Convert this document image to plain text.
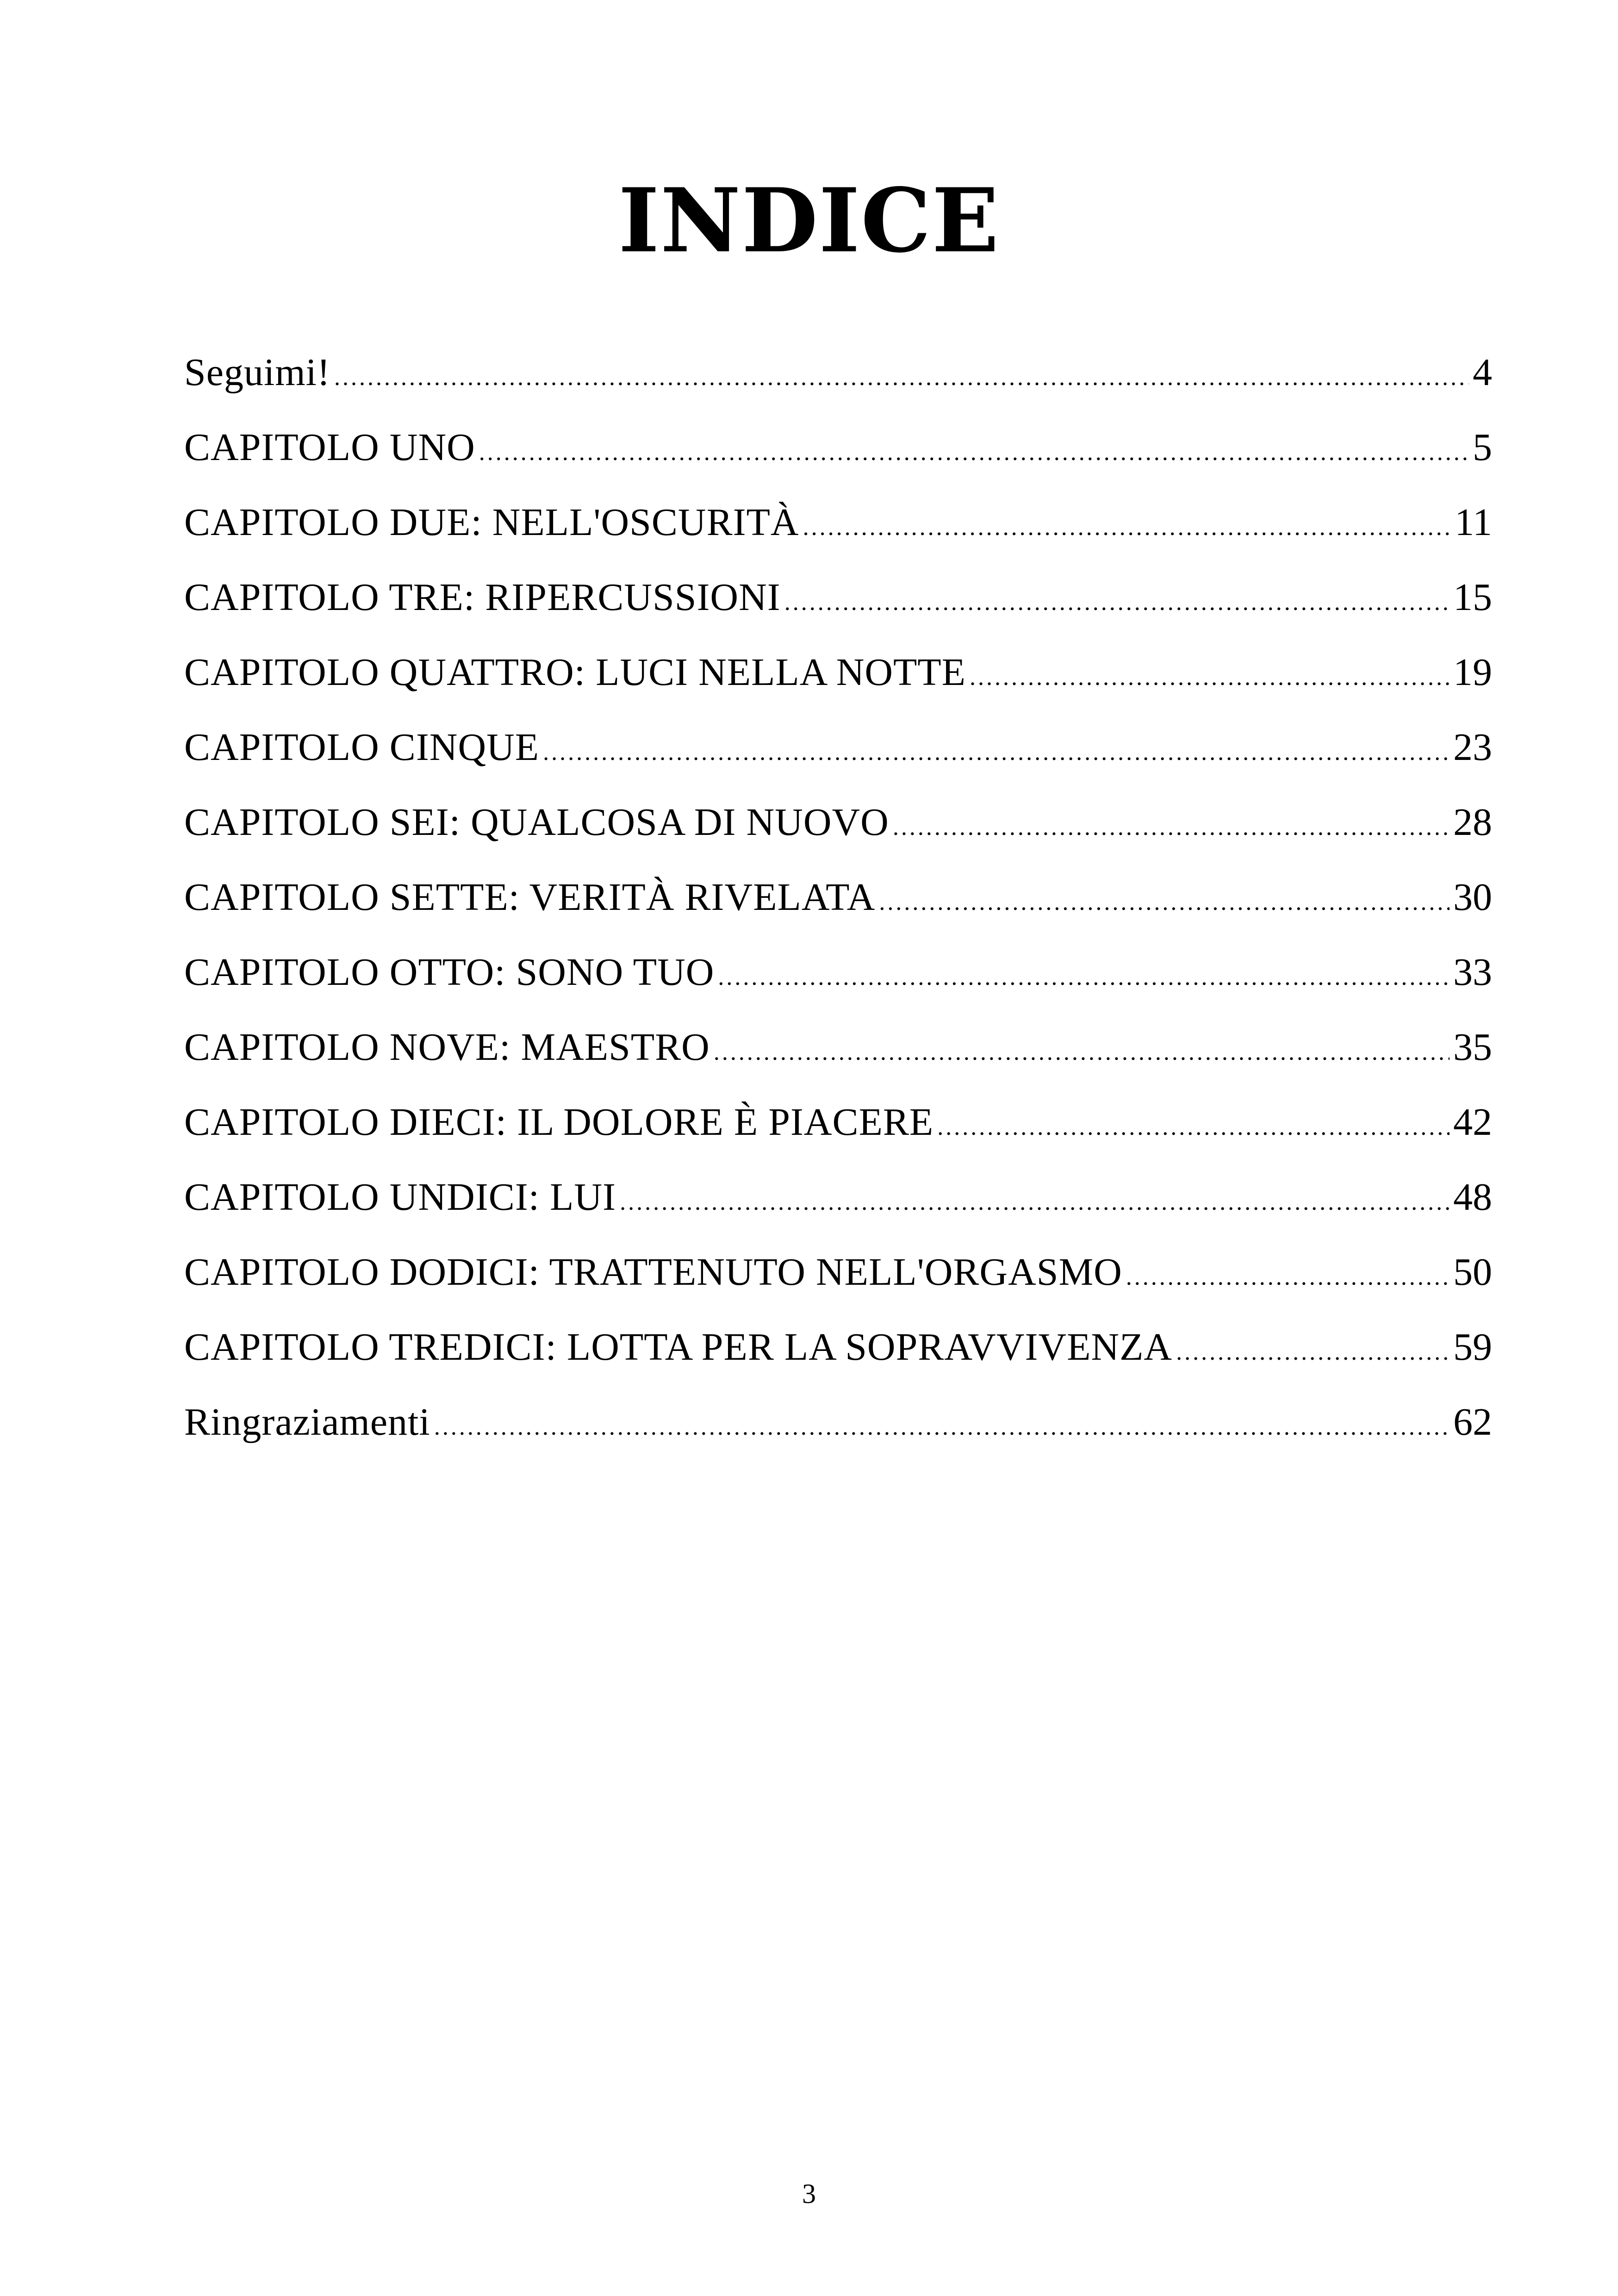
INDICE
Seguimi! .....	4
CAPITOLO UNO .....	5
CAPITOLO DUE: NELL'OSCURITÀ .....	11
CAPITOLO TRE: RIPERCUSSIONI .....	15
CAPITOLO QUATTRO: LUCI NELLA NOTTE .....	19
CAPITOLO CINQUE .....	23
CAPITOLO SEI: QUALCOSA DI NUOVO .....	28
CAPITOLO SETTE: VERITÀ RIVELATA .....	30
CAPITOLO OTTO: SONO TUO .....	33
CAPITOLO NOVE: MAESTRO .....	35
CAPITOLO DIECI: IL DOLORE È PIACERE .....	42
CAPITOLO UNDICI: LUI .....	48
CAPITOLO DODICI: TRATTENUTO NELL'ORGASMO .....	50
CAPITOLO TREDICI: LOTTA PER LA SOPRAVVIVENZA .....	59
Ringraziamenti .....	62
3
